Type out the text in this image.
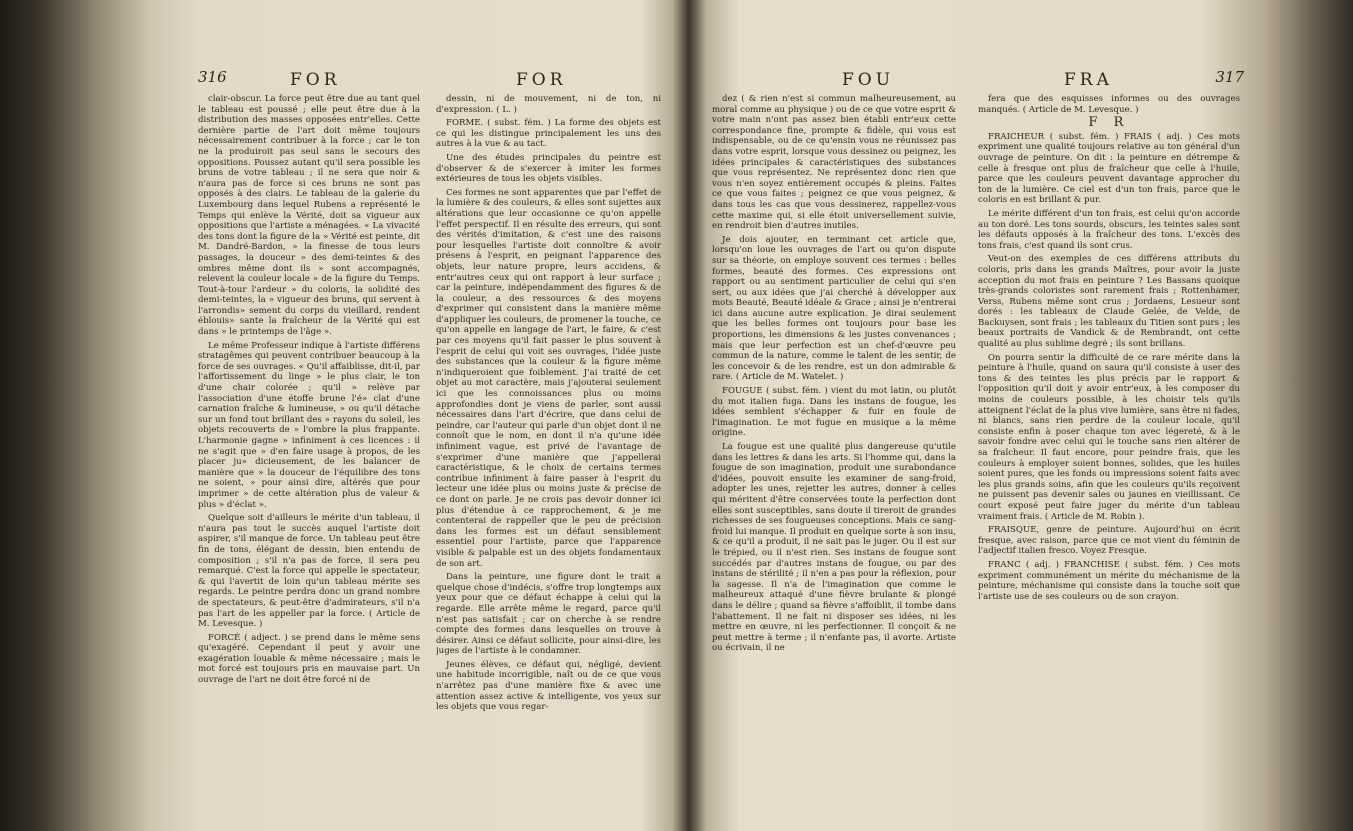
316	FOR	FOR

clair-obscur. La force peut être due au tant quel le tableau est poussé ; elle peut être due à la distribution des masses opposées entr'elles. Cette dernière partie de l'art doit même toujours nécessairement contribuer à la force ; car le ton ne la produiroit pas seul sans le secours des oppositions. Poussez autant qu'il sera possible les bruns de votre tableau ; il ne sera que noir & n'aura pas de force si ces bruns ne sont pas opposés à des clairs. Le tableau de la galerie du Luxembourg dans lequel Rubens a représenté le Temps qui enlève la Vérité, doit sa vigueur aux oppositions que l'artiste a ménagées. « La vivacité des tons dont la figure de la » Vérité est peinte, dit M. Dandré-Bardon, » la finesse de tous leurs passages, la douceur » des demi-teintes & des ombres même dont ils » sont accompagnés, relevent la couleur locale » de la figure du Temps. Tout-à-tour l'ardeur » du coloris, la solidité des demi-teintes, la » vigueur des bruns, qui servent à l'arrondis» sement du corps du vieillard, rendent éblouis» sante la fraîcheur de la Vérité qui est dans » le printemps de l'âge ».

Le même Professeur indique à l'artiste différens stratagêmes qui peuvent contribuer beaucoup à la force de ses ouvrages. « Qu'il affaiblisse, dit-il, par l'affortissement du linge » le plus clair, le ton d'une chair colorée ; qu'il » relève par l'association d'une étoffe brune l'é» clat d'une carnation fraîche & lumineuse, » ou qu'il détache sur un fond tout brillant des » rayons du soleil, les objets recouverts de » l'ombre la plus frappante. L'harmonie gagne » infiniment à ces licences : il ne s'agit que » d'en faire usage à propos, de les placer ju» dicieusement, de les balancer de manière que » la douceur de l'équilibre des tons ne soient, » pour ainsi dire, altérés que pour imprimer » de cette altération plus de valeur & plus » d'éclat ».

Quelque soit d'ailleurs le mérite d'un tableau, il n'aura pas tout le succès auquel l'artiste doit aspirer, s'il manque de force. Un tableau peut être fin de tons, élégant de dessin, bien entendu de composition ; s'il n'a pas de force, il sera peu remarqué. C'est la force qui appelle le spectateur, & qui l'avertit de loin qu'un tableau mérite ses regards. Le peintre perdra donc un grand nombre de spectateurs, & peut-être d'admirateurs, s'il n'a pas l'art de les appeller par la force. ( Article de M. Levesque. )

FORCÉ ( adject. ) se prend dans le même sens qu'exagéré. Cependant il peut y avoir une exagération louable & même nécessaire ; mais le mot forcé est toujours pris en mauvaise part. Un ouvrage de l'art ne doit être forcé ni de

dessin, ni de mouvement, ni de ton, ni d'expression. ( L. )

FORME. ( subst. fém. ) La forme des objets est ce qui les distingue principalement les uns des autres à la vue & au tact.

Une des études principales du peintre est d'observer & de s'exercer à imiter les formes extérieures de tous les objets visibles.

Ces formes ne sont apparentes que par l'effet de la lumière & des couleurs, & elles sont sujettes aux altérations que leur occasionne ce qu'on appelle l'effet perspectif. Il en résulte des erreurs, qui sont des vérités d'imitation, & c'est une des raisons pour lesquelles l'artiste doit connoître & avoir présens à l'esprit, en peignant l'apparence des objets, leur nature propre, leurs accidens, & entr'autres ceux qui ont rapport à leur surface ; car la peinture, indépendamment des figures & de la couleur, a des ressources & des moyens d'exprimer qui consistent dans la manière même d'appliquer les couleurs, de promener la touche, ce qu'on appelle en langage de l'art, le faire, & c'est par ces moyens qu'il fait passer le plus souvent à l'esprit de celui qui voit ses ouvrages, l'idée juste des substances que la couleur & la figure même n'indiqueroient que foiblement. J'ai traité de cet objet au mot caractère, mais j'ajouterai seulement ici que les connoissances plus ou moins approfondies dont je viens de parler, sont aussi nécessaires dans l'art d'écrire, que dans celui de peindre, car l'auteur qui parle d'un objet dont il ne connoît que le nom, en dont il n'a qu'une idée infiniment vague, est privé de l'avantage de s'exprimer d'une manière que j'appellerai caractéristique, & le choix de certains termes contribue infiniment à faire passer à l'esprit du lecteur une idée plus ou moins juste & précise de ce dont on parle. Je ne crois pas devoir donner ici plus d'étendue à ce rapprochement, & je me contenterai de rappeller que le peu de précision dans les formes est un défaut sensiblement essentiel pour l'artiste, parce que l'apparence visible & palpable est un des objets fondamentaux de son art.

Dans la peinture, une figure dont le trait a quelque chose d'indécis, s'offre trop longtemps aux yeux pour que ce défaut échappe à celui qui la regarde. Elle arrête même le regard, parce qu'il n'est pas satisfait ; car on cherche à se rendre compte des formes dans lesquelles on trouve à désirer. Ainsi ce défaut sollicite, pour ainsi-dire, les juges de l'artiste à le condamner.

Jeunes élèves, ce défaut qui, négligé, devient une habitude incorrigible, naît ou de ce que vous n'arrêtez pas d'une manière fixe & avec une attention assez active & intelligente, vos yeux sur les objets que vous regar-

FOU	FRA	317

dez ( & rien n'est si commun malheureusement, au moral comme au physique ) ou de ce que votre esprit & votre main n'ont pas assez bien établi entr'eux cette correspondance fine, prompte & fidèle, qui vous est indispensable, ou de ce qu'ensin vous ne réunissez pas dans votre esprit, lorsque vous dessinez ou peignez, les idées principales & caractéristiques des substances que vous représentez. Ne représentez donc rien que vous n'en soyez entièrement occupés & pleins. Faites ce que vous faites ; peignez ce que vous peignez, & dans tous les cas que vous dessinerez, rappellez-vous cette maxime qui, si elle étoit universellement suivie, en rendroit bien d'autres inutiles.

Je dois ajouter, en terminant cet article que, lorsqu'on loue les ouvrages de l'art ou qu'on dispute sur sa théorie, on employe souvent ces termes : belles formes, beauté des formes. Ces expressions ont rapport ou au sentiment particulier de celui qui s'en sert, ou aux idées que j'ai cherché à développer aux mots Beauté, Beauté idéale & Grace ; ainsi je n'entrerai ici dans aucune autre explication. Je dirai seulement que les belles formes ont toujours pour base les proportions, les dimensions & les justes convenances ; mais que leur perfection est un chef-d'œuvre peu commun de la nature, comme le talent de les sentir, de les concevoir & de les rendre, est un don admirable & rare. ( Article de M. Watelet. )

FOUGUE ( subst. fém. ) vient du mot latin, ou plutôt du mot italien fuga. Dans les instans de fougue, les idées semblent s'échapper & fuir en foule de l'imagination. Le mot fugue en musique a la même origine.

La fougue est une qualité plus dangereuse qu'utile dans les lettres & dans les arts. Si l'homme qui, dans la fougue de son imagination, produit une surabondance d'idées, pouvoit ensuite les examiner de sang-froid, adopter les unes, rejetter les autres, donner à celles qui méritent d'être conservées toute la perfection dont elles sont susceptibles, sans doute il tireroit de grandes richesses de ses fougueuses conceptions. Mais ce sang-froid lui manque. Il produit en quelque sorte à son insu, & ce qu'il a produit, il ne sait pas le juger. Ou il est sur le trépied, ou il n'est rien. Ses instans de fougue sont succédés par d'autres instans de fougue, ou par des instans de stérilité ; il n'en a pas pour la réflexion, pour la sagesse. Il n'a de l'imagination que comme le malheureux attaqué d'une fièvre brulante & plongé dans le délire ; quand sa fièvre s'affoiblit, il tombe dans l'abattement. Il ne fait ni disposer ses idées, ni les mettre en œuvre, ni les perfectionner. Il conçoit & ne peut mettre à terme ; il n'enfante pas, il avorte. Artiste ou écrivain, il ne

fera que des esquisses informes ou des ouvrages manqués. ( Article de M. Levesque. )

F R

FRAICHEUR ( subst. fém. ) FRAIS ( adj. ) Ces mots expriment une qualité toujours relative au ton général d'un ouvrage de peinture. On dit : la peinture en détrempe & celle à fresque ont plus de fraîcheur que celle à l'huile, parce que les couleurs peuvent davantage approcher du ton de la lumière. Ce ciel est d'un ton frais, parce que le coloris en est brillant & pur.

Le mérite différent d'un ton frais, est celui qu'on accorde au ton doré. Les tons sourds, obscurs, les teintes sales sont les défauts opposés à la fraîcheur des tons. L'excès des tons frais, c'est quand ils sont crus.

Veut-on des exemples de ces différens attributs du coloris, pris dans les grands Maîtres, pour avoir la juste acception du mot frais en peinture ? Les Bassans quoique très-grands coloristes sont rarement frais ; Rottenhamer, Verss, Rubens même sont crus ; Jordaens, Lesueur sont dorés : les tableaux de Claude Gelée, de Velde, de Backuysen, sont frais ; les tableaux du Titien sont purs ; les beaux portraits de Vandick & de Rembrandt, ont cette qualité au plus sublime degré ; ils sont brillans.

On pourra sentir la difficulté de ce rare mérite dans la peinture à l'huile, quand on saura qu'il consiste à user des tons & des teintes les plus précis par le rapport & l'opposition qu'il doit y avoir entr'eux, à les composer du moins de couleurs possible, à les choisir tels qu'ils atteignent l'éclat de la plus vive lumière, sans être ni fades, ni blancs, sans rien perdre de la couleur locale, qu'il consiste enfin à poser chaque ton avec légereté, & à le savoir fondre avec celui qui le touche sans rien altérer de sa fraîcheur. Il faut encore, pour peindre frais, que les couleurs à employer soient bonnes, solides, que les huiles soient pures, que les fonds ou impressions soient faits avec les plus grands soins, afin que les couleurs qu'ils reçoivent ne puissent pas devenir sales ou jaunes en vieillissant. Ce court exposé peut faire juger du mérite d'un tableau vraiment frais. ( Article de M. Robin ).

FRAISQUE, genre de peinture. Aujourd'hui on écrit fresque, avec raison, parce que ce mot vient du féminin de l'adjectif italien fresco. Voyez Fresque.

FRANC ( adj. ) FRANCHISE ( subst. fém. ) Ces mots expriment communément un mérite du méchanisme de la peinture, méchanisme qui consiste dans la touche soit que l'artiste use de ses couleurs ou de son crayon.
